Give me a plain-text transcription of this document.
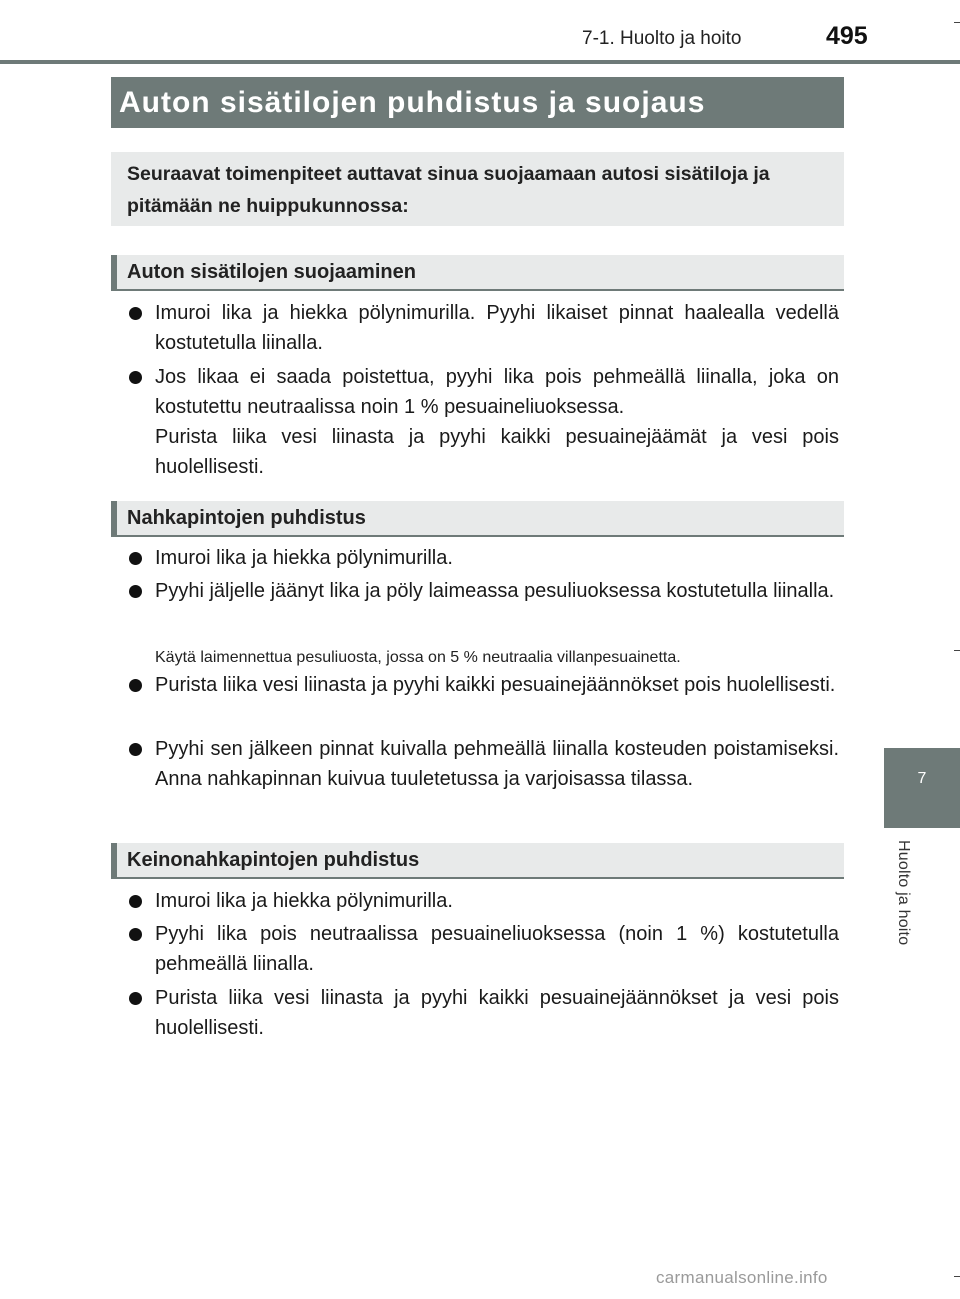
7-1. Huolto ja hoito	495
7
Huolto ja hoito
Auton sisätilojen puhdistus ja suojaus
Seuraavat toimenpiteet auttavat sinua suojaamaan autosi sisätiloja ja pitämään ne huippukunnossa:
Auton sisätilojen suojaaminen
Imuroi lika ja hiekka pölynimurilla. Pyyhi likaiset pinnat haalealla vedellä kostutetulla liinalla.
Jos likaa ei saada poistettua, pyyhi lika pois pehmeällä liinalla, joka on kostutettu neutraalissa noin 1 % pesuaineliuoksessa.
Purista liika vesi liinasta ja pyyhi kaikki pesuainejäämät ja vesi pois huolellisesti.
Nahkapintojen puhdistus
Imuroi lika ja hiekka pölynimurilla.
Pyyhi jäljelle jäänyt lika ja pöly laimeassa pesuliuoksessa kostutetulla liinalla.
Käytä laimennettua pesuliuosta, jossa on 5 % neutraalia villanpesuainetta.
Purista liika vesi liinasta ja pyyhi kaikki pesuainejäännökset pois huolellisesti.
Pyyhi sen jälkeen pinnat kuivalla pehmeällä liinalla kosteuden poistamiseksi. Anna nahkapinnan kuivua tuuletetussa ja varjoisassa tilassa.
Keinonahkapintojen puhdistus
Imuroi lika ja hiekka pölynimurilla.
Pyyhi lika pois neutraalissa pesuaineliuoksessa (noin 1 %) kostutetulla pehmeällä liinalla.
Purista liika vesi liinasta ja pyyhi kaikki pesuainejäännökset ja vesi pois huolellisesti.
carmanualsonline.info
